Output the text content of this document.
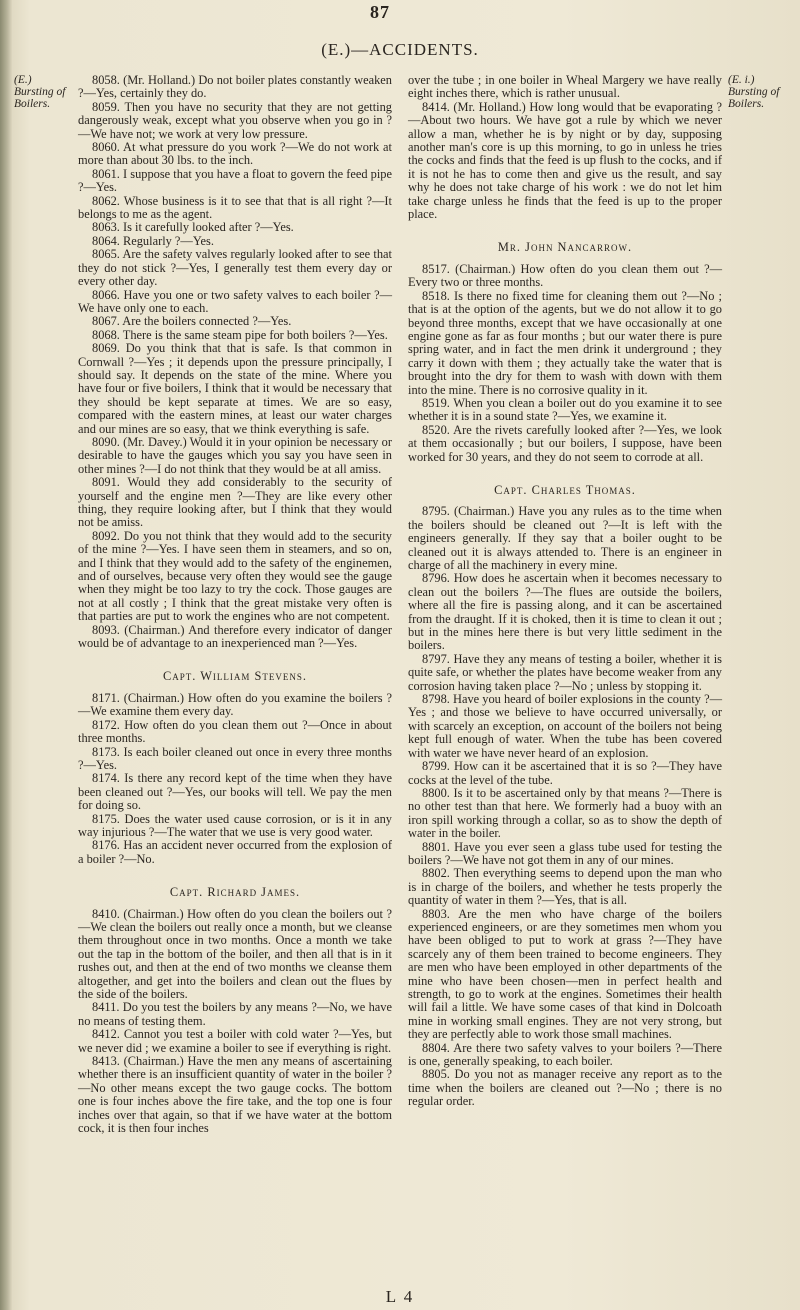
87
(E.)—ACCIDENTS.
(E.) Bursting of Boilers.
(E. i.) Bursting of Boilers.

8058. (Mr. Holland.) Do not boiler plates constantly weaken ?—Yes, certainly they do.

8059. Then you have no security that they are not getting dangerously weak, except what you observe when you go in ?—We have not; we work at very low pressure.

8060. At what pressure do you work ?—We do not work at more than about 30 lbs. to the inch.

8061. I suppose that you have a float to govern the feed pipe ?—Yes.

8062. Whose business is it to see that that is all right ?—It belongs to me as the agent.

8063. Is it carefully looked after ?—Yes.

8064. Regularly ?—Yes.

8065. Are the safety valves regularly looked after to see that they do not stick ?—Yes, I generally test them every day or every other day.

8066. Have you one or two safety valves to each boiler ?—We have only one to each.

8067. Are the boilers connected ?—Yes.

8068. There is the same steam pipe for both boilers ?—Yes.

8069. Do you think that that is safe. Is that common in Cornwall ?—Yes ; it depends upon the pressure principally, I should say. It depends on the state of the mine. Where you have four or five boilers, I think that it would be necessary that they should be kept separate at times. We are so easy, compared with the eastern mines, at least our water charges and our mines are so easy, that we think everything is safe.

8090. (Mr. Davey.) Would it in your opinion be necessary or desirable to have the gauges which you say you have seen in other mines ?—I do not think that they would be at all amiss.

8091. Would they add considerably to the security of yourself and the engine men ?—They are like every other thing, they require looking after, but I think that they would not be amiss.

8092. Do you not think that they would add to the security of the mine ?—Yes. I have seen them in steamers, and so on, and I think that they would add to the safety of the enginemen, and of ourselves, because very often they would see the gauge when they might be too lazy to try the cock. Those gauges are not at all costly ; I think that the great mistake very often is that parties are put to work the engines who are not competent.

8093. (Chairman.) And therefore every indicator of danger would be of advantage to an inexperienced man ?—Yes.

Capt. William Stevens.

8171. (Chairman.) How often do you examine the boilers ?—We examine them every day.

8172. How often do you clean them out ?—Once in about three months.

8173. Is each boiler cleaned out once in every three months ?—Yes.

8174. Is there any record kept of the time when they have been cleaned out ?—Yes, our books will tell. We pay the men for doing so.

8175. Does the water used cause corrosion, or is it in any way injurious ?—The water that we use is very good water.

8176. Has an accident never occurred from the explosion of a boiler ?—No.

Capt. Richard James.

8410. (Chairman.) How often do you clean the boilers out ?—We clean the boilers out really once a month, but we cleanse them throughout once in two months. Once a month we take out the tap in the bottom of the boiler, and then all that is in it rushes out, and then at the end of two months we cleanse them altogether, and get into the boilers and clean out the flues by the side of the boilers.

8411. Do you test the boilers by any means ?—No, we have no means of testing them.

8412. Cannot you test a boiler with cold water ?—Yes, but we never did ; we examine a boiler to see if everything is right.

8413. (Chairman.) Have the men any means of ascertaining whether there is an insufficient quantity of water in the boiler ?—No other means except the two gauge cocks. The bottom one is four inches above the fire take, and the top one is four inches over that again, so that if we have water at the bottom cock, it is then four inches

over the tube ; in one boiler in Wheal Margery we have really eight inches there, which is rather unusual.

8414. (Mr. Holland.) How long would that be evaporating ?—About two hours. We have got a rule by which we never allow a man, whether he is by night or by day, supposing another man's core is up this morning, to go in unless he tries the cocks and finds that the feed is up flush to the cocks, and if it is not he has to come then and give us the result, and say why he does not take charge of his work : we do not let him take charge unless he finds that the feed is up to the proper place.

Mr. John Nancarrow.

8517. (Chairman.) How often do you clean them out ?—Every two or three months.

8518. Is there no fixed time for cleaning them out ?—No ; that is at the option of the agents, but we do not allow it to go beyond three months, except that we have occasionally at one engine gone as far as four months ; but our water there is pure spring water, and in fact the men drink it underground ; they carry it down with them ; they actually take the water that is brought into the dry for them to wash with down with them into the mine. There is no corrosive quality in it.

8519. When you clean a boiler out do you examine it to see whether it is in a sound state ?—Yes, we examine it.

8520. Are the rivets carefully looked after ?—Yes, we look at them occasionally ; but our boilers, I suppose, have been worked for 30 years, and they do not seem to corrode at all.

Capt. Charles Thomas.

8795. (Chairman.) Have you any rules as to the time when the boilers should be cleaned out ?—It is left with the engineers generally. If they say that a boiler ought to be cleaned out it is always attended to. There is an engineer in charge of all the machinery in every mine.

8796. How does he ascertain when it becomes necessary to clean out the boilers ?—The flues are outside the boilers, where all the fire is passing along, and it can be ascertained from the draught. If it is choked, then it is time to clean it out ; but in the mines here there is but very little sediment in the boilers.

8797. Have they any means of testing a boiler, whether it is quite safe, or whether the plates have become weaker from any corrosion having taken place ?—No ; unless by stopping it.

8798. Have you heard of boiler explosions in the county ?—Yes ; and those we believe to have occurred universally, or with scarcely an exception, on account of the boilers not being kept full enough of water. When the tube has been covered with water we have never heard of an explosion.

8799. How can it be ascertained that it is so ?—They have cocks at the level of the tube.

8800. Is it to be ascertained only by that means ?—There is no other test than that here. We formerly had a buoy with an iron spill working through a collar, so as to show the depth of water in the boiler.

8801. Have you ever seen a glass tube used for testing the boilers ?—We have not got them in any of our mines.

8802. Then everything seems to depend upon the man who is in charge of the boilers, and whether he tests properly the quantity of water in them ?—Yes, that is all.

8803. Are the men who have charge of the boilers experienced engineers, or are they sometimes men whom you have been obliged to put to work at grass ?—They have scarcely any of them been trained to become engineers. They are men who have been employed in other departments of the mine who have been chosen—men in perfect health and strength, to go to work at the engines. Sometimes their health will fail a little. We have some cases of that kind in Dolcoath mine in working small engines. They are not very strong, but they are perfectly able to work those small machines.

8804. Are there two safety valves to your boilers ?—There is one, generally speaking, to each boiler.

8805. Do you not as manager receive any report as to the time when the boilers are cleaned out ?—No ; there is no regular order.

L 4
